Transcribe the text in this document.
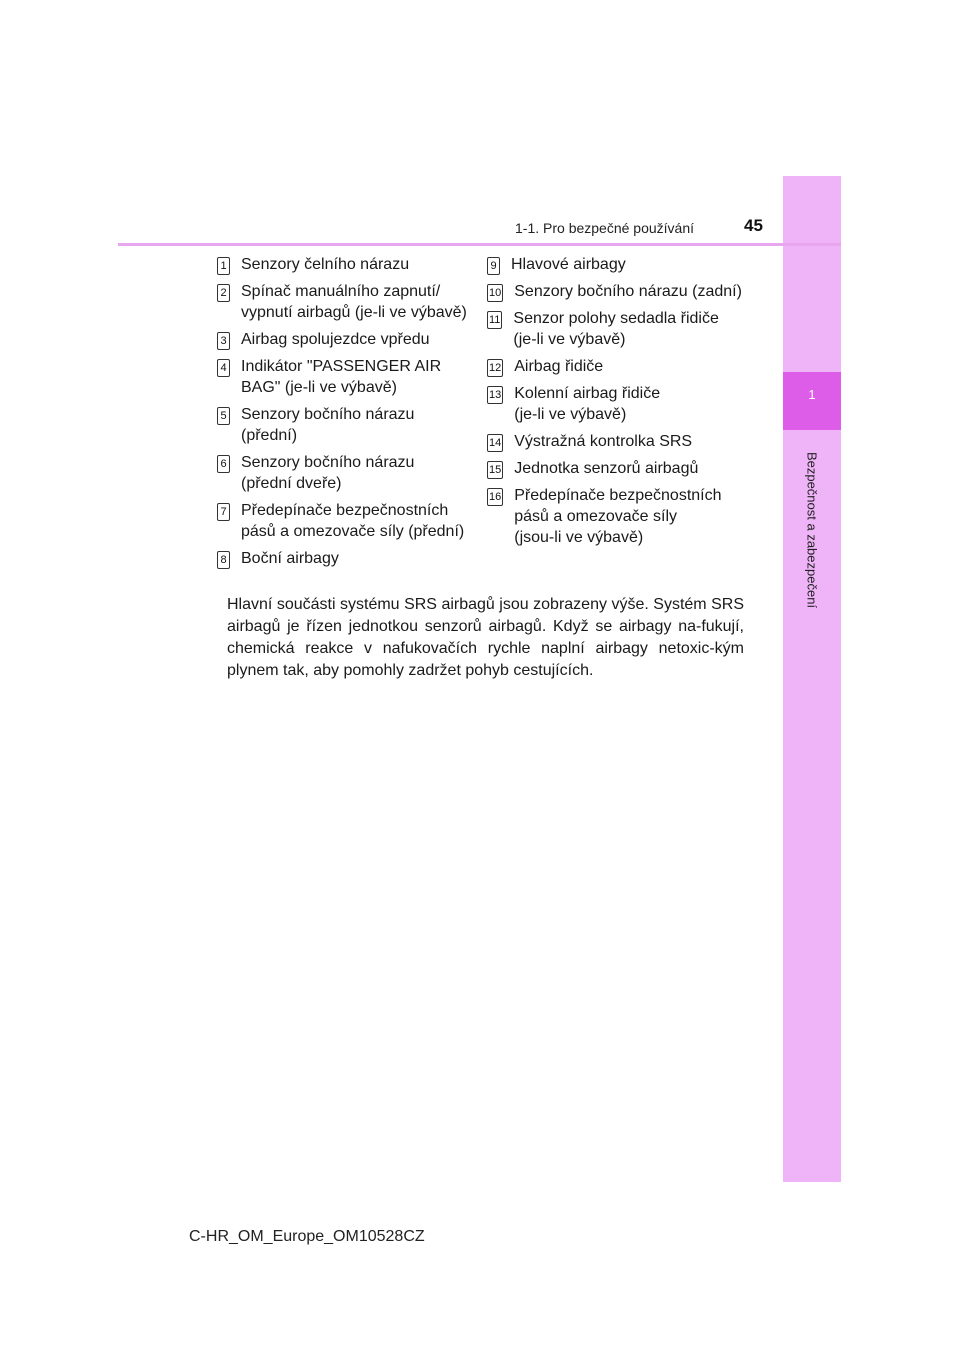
1
Bezpečnost a zabezpečení
1-1. Pro bezpečné používání	45
1 Senzory čelního nárazu
2 Spínač manuálního zapnutí/
vypnutí airbagů (je-li ve výbavě)
3 Airbag spolujezdce vpředu
4 Indikátor "PASSENGER AIR
BAG" (je-li ve výbavě)
5 Senzory bočního nárazu
(přední)
6 Senzory bočního nárazu
(přední dveře)
7 Předepínače bezpečnostních
pásů a omezovače síly (přední)
8 Boční airbagy
9 Hlavové airbagy
10 Senzory bočního nárazu (zadní)
11 Senzor polohy sedadla řidiče
(je-li ve výbavě)
12 Airbag řidiče
13 Kolenní airbag řidiče
(je-li ve výbavě)
14 Výstražná kontrolka SRS
15 Jednotka senzorů airbagů
16 Předepínače bezpečnostních
pásů a omezovače síly
(jsou-li ve výbavě)

Hlavní součásti systému SRS airbagů jsou zobrazeny výše. Systém SRS airbagů je řízen jednotkou senzorů airbagů. Když se airbagy na-fukují, chemická reakce v nafukovačích rychle naplní airbagy netoxic-kým plynem tak, aby pomohly zadržet pohyb cestujících.

C-HR_OM_Europe_OM10528CZ
